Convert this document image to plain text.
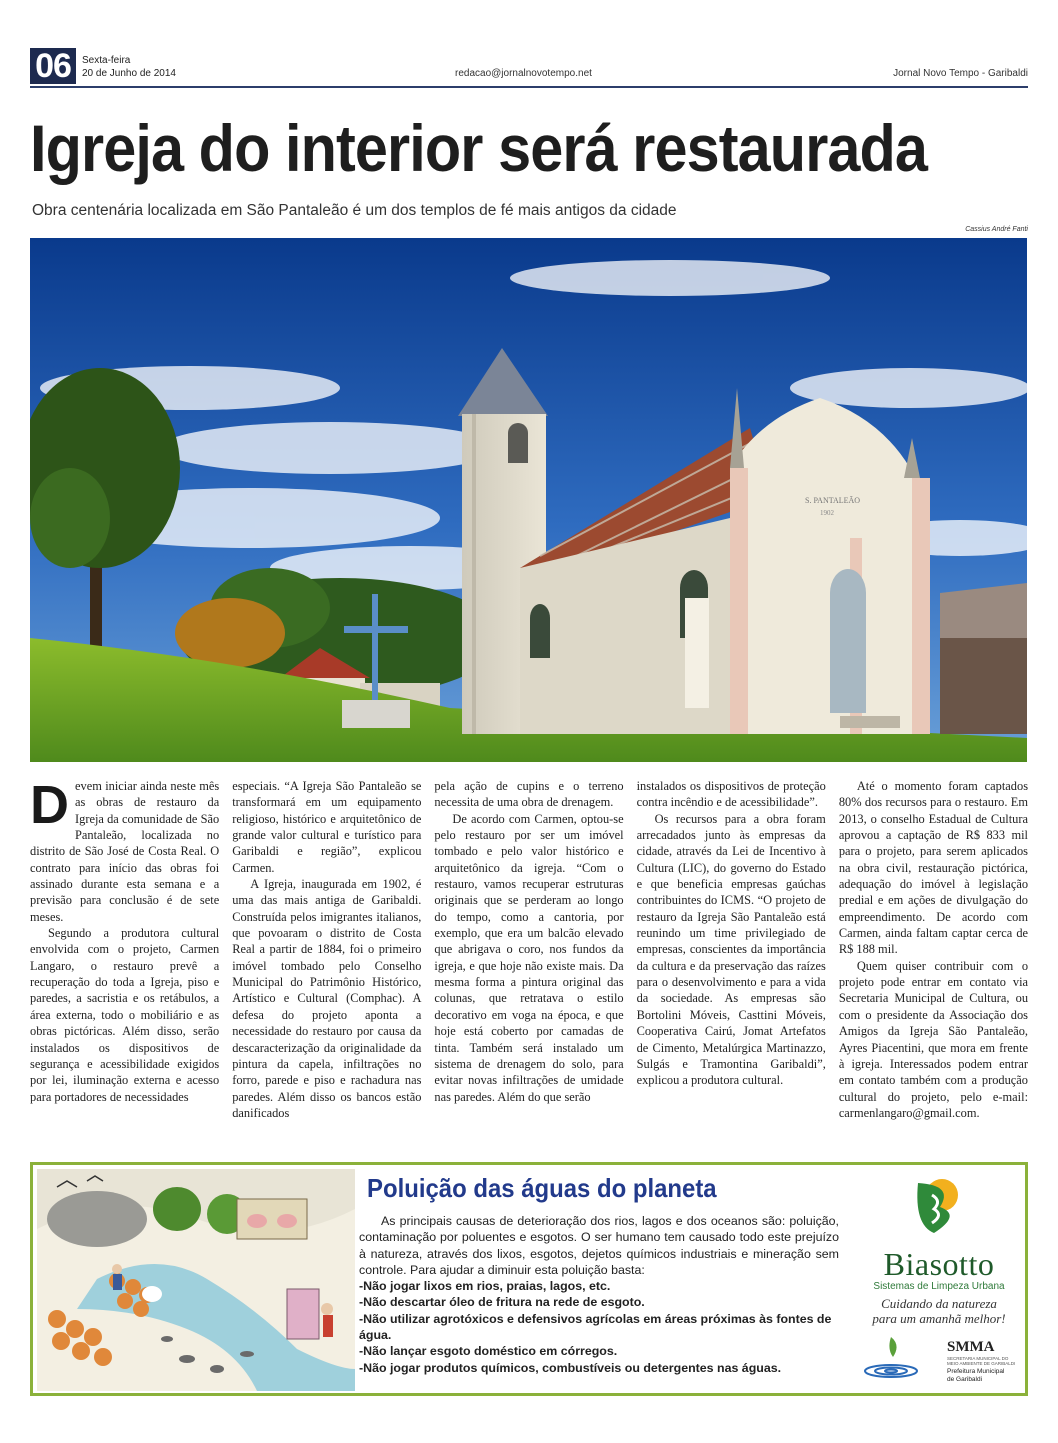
06	Sexta-feira
20 de Junho de 2014	redacao@jornalnovotempo.net	Jornal Novo Tempo - Garibaldi
Igreja do interior será restaurada
Obra centenária localizada em São Pantaleão é um dos templos de fé mais antigos da cidade
Cassius André Fanti
S. PANTALEÃO
1902

Devem iniciar ainda neste mês as obras de restauro da Igreja da comunidade de São Pantaleão, localizada no distrito de São José de Costa Real. O contrato para início das obras foi assinado durante esta semana e a previsão para conclusão é de sete meses.

Segundo a produtora cultural envolvida com o projeto, Carmen Langaro, o restauro prevê a recuperação do toda a Igreja, piso e paredes, a sacristia e os retábulos, a área externa, todo o mobiliário e as obras pictóricas. Além disso, serão instalados os dispositivos de segurança e acessibilidade exigidos por lei, iluminação externa e acesso para portadores de necessidades

especiais. “A Igreja São Pantaleão se transformará em um equipamento religioso, histórico e arquitetônico de grande valor cultural e turístico para Garibaldi e região”, explicou Carmen.

A Igreja, inaugurada em 1902, é uma das mais antiga de Garibaldi. Construída pelos imigrantes italianos, que povoaram o distrito de Costa Real a partir de 1884, foi o primeiro imóvel tombado pelo Conselho Municipal do Patrimônio Histórico, Artístico e Cultural (Comphac). A defesa do projeto aponta a necessidade do restauro por causa da descaracterização da originalidade da pintura da capela, infiltrações no forro, parede e piso e rachadura nas paredes. Além disso os bancos estão danificados

pela ação de cupins e o terreno necessita de uma obra de drenagem.

De acordo com Carmen, optou-se pelo restauro por ser um imóvel tombado e pelo valor histórico e arquitetônico da igreja. “Com o restauro, vamos recuperar estruturas originais que se perderam ao longo do tempo, como a cantoria, por exemplo, que era um balcão elevado que abrigava o coro, nos fundos da igreja, e que hoje não existe mais. Da mesma forma a pintura original das colunas, que retratava o estilo decorativo em voga na época, e que hoje está coberto por camadas de tinta. Também será instalado um sistema de drenagem do solo, para evitar novas infiltrações de umidade nas paredes. Além do que serão

instalados os dispositivos de proteção contra incêndio e de acessibilidade”.

Os recursos para a obra foram arrecadados junto às empresas da cidade, através da Lei de Incentivo à Cultura (LIC), do governo do Estado e que beneficia empresas gaúchas contribuintes do ICMS. “O projeto de restauro da Igreja São Pantaleão está reunindo um time privilegiado de empresas, conscientes da importância da cultura e da preservação das raízes para o desenvolvimento e para a vida da sociedade. As empresas são Bortolini Móveis, Casttini Móveis, Cooperativa Cairú, Jomat Artefatos de Cimento, Metalúrgica Martinazzo, Sulgás e Tramontina Garibaldi”, explicou a produtora cultural.

Até o momento foram captados 80% dos recursos para o restauro. Em 2013, o conselho Estadual de Cultura aprovou a captação de R$ 833 mil para o projeto, para serem aplicados na obra civil, restauração pictórica, adequação do imóvel à legislação predial e em ações de divulgação do empreendimento. De acordo com Carmen, ainda faltam captar cerca de R$ 188 mil.

Quem quiser contribuir com o projeto pode entrar em contato via Secretaria Municipal de Cultura, ou com o presidente da Associação dos Amigos da Igreja São Pantaleão, Ayres Piacentini, que mora em frente à igreja. Interessados podem entrar em contato também com a produção cultural do projeto, pelo e-mail: carmenlangaro@gmail.com.

Poluição das águas do planeta
As principais causas de deterioração dos rios, lagos e dos oceanos são: poluição, contaminação por poluentes e esgotos. O ser humano tem causado todo este prejuízo à natureza, através dos lixos, esgotos, dejetos químicos industriais e mineração sem controle. Para ajudar a diminuir esta poluição basta:
-Não jogar lixos em rios, praias, lagos, etc.
-Não descartar óleo de fritura na rede de esgoto.
-Não utilizar agrotóxicos e defensivos agrícolas em áreas próximas às fontes de água.
-Não lançar esgoto doméstico em córregos.
-Não jogar produtos químicos, combustíveis ou detergentes nas águas.
Biasotto
Sistemas de Limpeza Urbana
Cuidando da natureza
para um amanhã melhor!
SMMA
SECRETARIA MUNICIPAL DO MEIO AMBIENTE DE GARIBALDI
Prefeitura Municipal
de Garibaldi
